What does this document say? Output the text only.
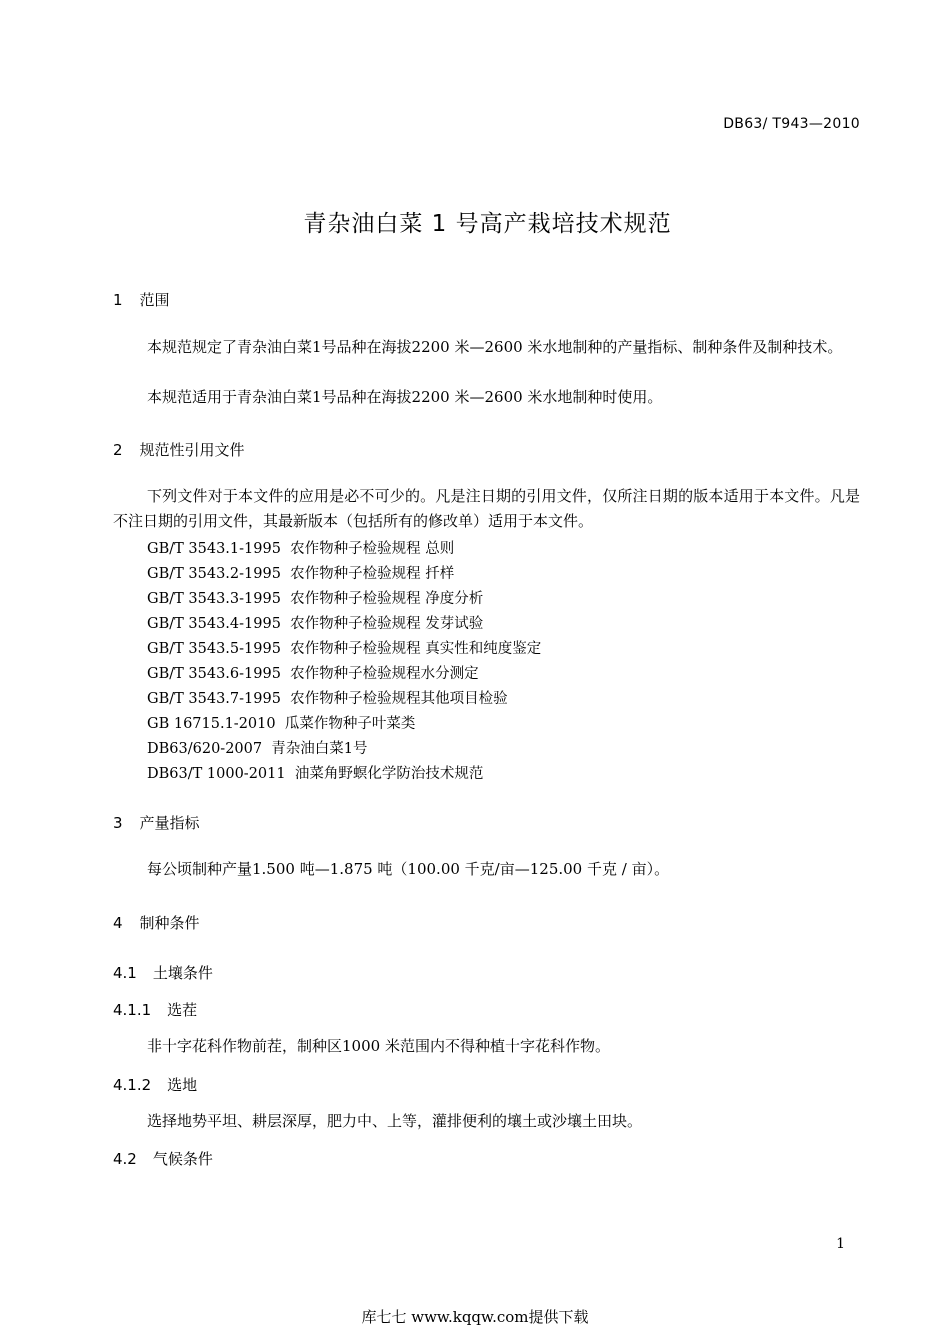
DB63/ T943—2010
青杂油白菜 1 号高产栽培技术规范
1 范围
本规范规定了青杂油白菜1号品种在海拔2200 米—2600 米水地制种的产量指标、制种条件及制种技术。
本规范适用于青杂油白菜1号品种在海拔2200 米—2600 米水地制种时使用。
2 规范性引用文件
下列文件对于本文件的应用是必不可少的。凡是注日期的引用文件，仅所注日期的版本适用于本文件。凡是不注日期的引用文件，其最新版本（包括所有的修改单）适用于本文件。
GB/T 3543.1-1995  农作物种子检验规程 总则
GB/T 3543.2-1995  农作物种子检验规程 扦样
GB/T 3543.3-1995  农作物种子检验规程 净度分析
GB/T 3543.4-1995  农作物种子检验规程 发芽试验
GB/T 3543.5-1995  农作物种子检验规程 真实性和纯度鉴定
GB/T 3543.6-1995  农作物种子检验规程水分测定
GB/T 3543.7-1995  农作物种子检验规程其他项目检验
GB 16715.1-2010  瓜菜作物种子叶菜类
DB63/620-2007  青杂油白菜1号
DB63/T 1000-2011  油菜角野螟化学防治技术规范
3 产量指标
每公顷制种产量1.500 吨—1.875 吨（100.00 千克/亩—125.00 千克 / 亩）。
4 制种条件
4.1 土壤条件
4.1.1 选茬
非十字花科作物前茬，制种区1000 米范围内不得种植十字花科作物。
4.1.2 选地
选择地势平坦、耕层深厚，肥力中、上等，灌排便利的壤土或沙壤土田块。
4.2 气候条件
1
库七七 www.kqqw.com提供下载
